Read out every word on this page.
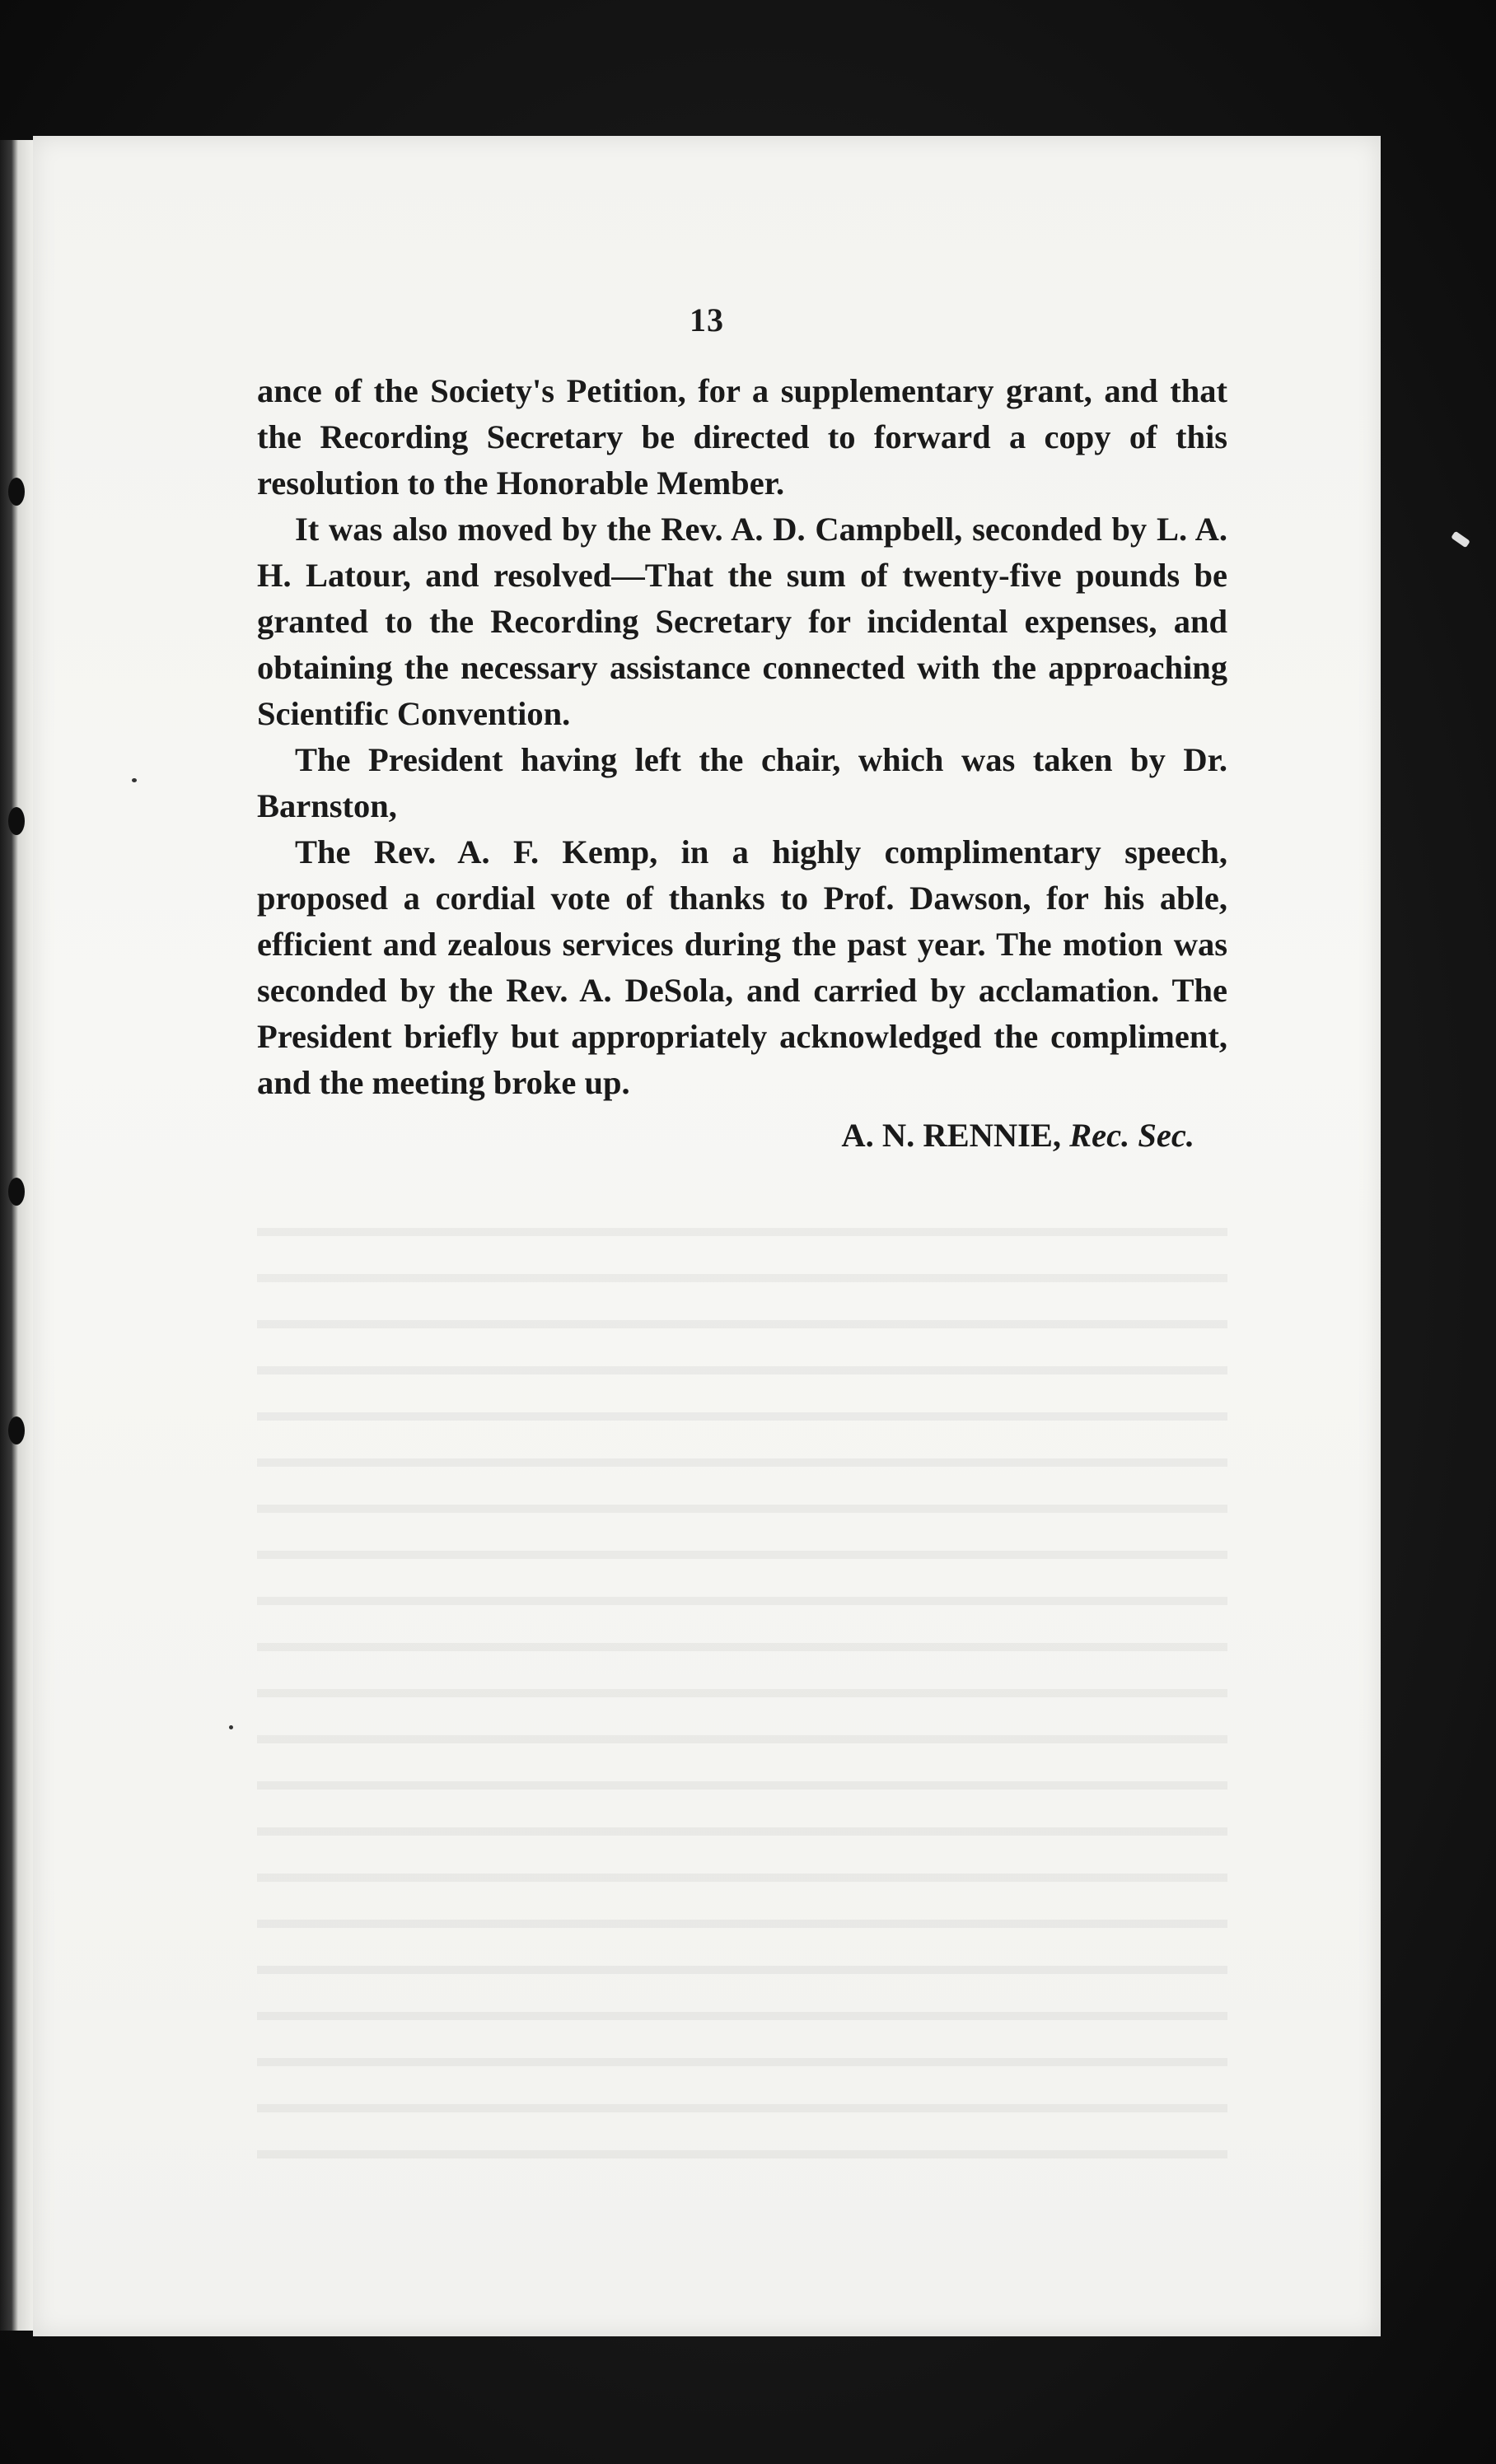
13

ance of the Society's Petition, for a supplementary grant, and that the Recording Secretary be directed to forward a copy of this resolution to the Honorable Member.

It was also moved by the Rev. A. D. Campbell, seconded by L. A. H. Latour, and resolved—That the sum of twenty-five pounds be granted to the Recording Secretary for incidental expenses, and obtaining the necessary assistance connected with the approaching Scientific Convention.

The President having left the chair, which was taken by Dr. Barnston,

The Rev. A. F. Kemp, in a highly complimentary speech, proposed a cordial vote of thanks to Prof. Dawson, for his able, efficient and zealous services during the past year. The motion was seconded by the Rev. A. DeSola, and carried by acclamation. The President briefly but appropriately acknowledged the compliment, and the meeting broke up.

A. N. RENNIE, Rec. Sec.
